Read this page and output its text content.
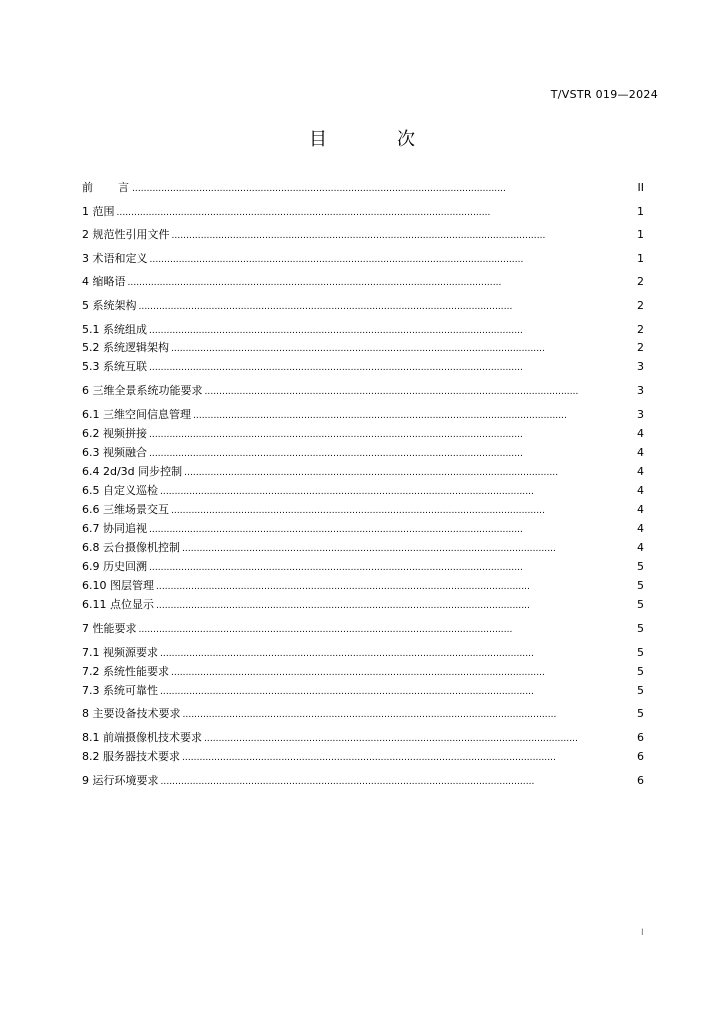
T/VSTR 019—2024
目　次
前　　言 . . .	II
1 范围 . . .	1
2 规范性引用文件 . . .	1
3 术语和定义 . . .	1
4 缩略语 . . .	2
5 系统架构 . . .	2
5.1 系统组成 . . .	2
5.2 系统逻辑架构 . . .	2
5.3 系统互联 . . .	3
6 三维全景系统功能要求 . . .	3
6.1 三维空间信息管理 . . .	3
6.2 视频拼接 . . .	4
6.3 视频融合 . . .	4
6.4 2d/3d 同步控制 . . .	4
6.5 自定义巡检 . . .	4
6.6 三维场景交互 . . .	4
6.7 协同追视 . . .	4
6.8 云台摄像机控制 . . .	4
6.9 历史回溯 . . .	5
6.10 图层管理 . . .	5
6.11 点位显示 . . .	5
7 性能要求 . . .	5
7.1 视频源要求 . . .	5
7.2 系统性能要求 . . .	5
7.3 系统可靠性 . . .	5
8 主要设备技术要求 . . .	5
8.1 前端摄像机技术要求 . . .	6
8.2 服务器技术要求 . . .	6
9 运行环境要求 . . .	6
I
